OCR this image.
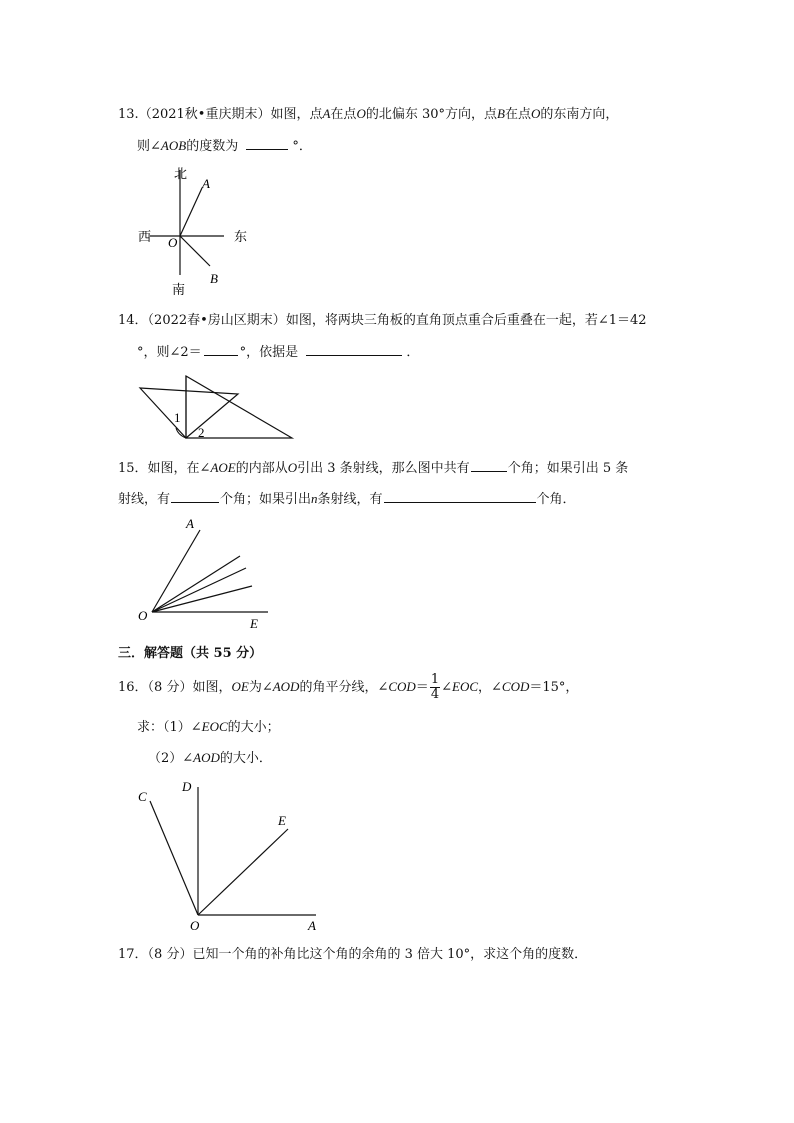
13.（2021秋•重庆期末）如图，点A在点O的北偏东 30°方向，点B在点O的东南方向，
则∠AOB的度数为	°．
北
南
西	东
A
B
O
14．（2022春•房山区期末）如图，将两块三角板的直角顶点重合后重叠在一起，若∠1＝42
°，则∠2＝	°，依据是	．
1
2
15．如图，在∠AOE的内部从O引出 3 条射线，那么图中共有	个角；如果引出 5 条
射线，有	个角；如果引出n条射线，有	个角．
A
O
E
三．解答题（共 55 分）
16．（8 分）如图，OE为∠AOD的角平分线，∠COD＝ $\frac{1}{4}$ ∠EOC，∠COD＝15°，
求：（1）∠EOC的大小；
（2）∠AOD的大小．
C
D
E
O	A
17．（8 分）已知一个角的补角比这个角的余角的 3 倍大 10°，求这个角的度数．
